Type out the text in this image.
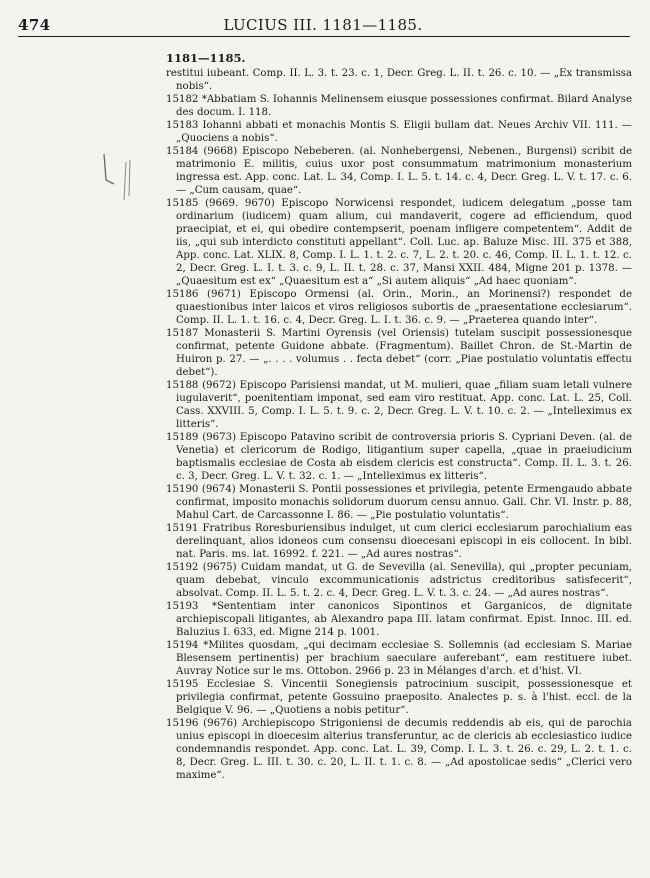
474	LUCIUS III. 1181—1185.
1181—1185.
restitui iubeant. Comp. II. L. 3. t. 23. c. 1, Decr. Greg. L. II. t. 26. c. 10. — „Ex transmissa nobis“.
15182 *Abbatiam S. Iohannis Melinensem eiusque possessiones confirmat. Bilard Analyse des docum. I. 118.
15183 Iohanni abbati et monachis Montis S. Eligii bullam dat. Neues Archiv VII. 111. — „Quociens a nobis“.
15184 (9668) Episcopo Nebeberen. (al. Nonhebergensi, Nebenen., Burgensi) scribit de matrimonio E. militis, cuius uxor post consummatum matrimonium monasterium ingressa est. App. conc. Lat. L. 34, Comp. I. L. 5. t. 14. c. 4, Decr. Greg. L. V. t. 17. c. 6. — „Cum causam, quae“.
15185 (9669. 9670) Episcopo Norwicensi respondet, iudicem delegatum „posse tam ordinarium (iudicem) quam alium, cui mandaverit, cogere ad efficiendum, quod praecipiat, et ei, qui obedire contempserit, poenam infligere competentem“. Addit de iis, „qui sub interdicto constituti appellant“. Coll. Luc. ap. Baluze Misc. III. 375 et 388, App. conc. Lat. XLIX. 8, Comp. I. L. 1. t. 2. c. 7, L. 2. t. 20. c. 46, Comp. II. L. 1. t. 12. c. 2, Decr. Greg. L. I. t. 3. c. 9, L. II. t. 28. c. 37, Mansi XXII. 484, Migne 201 p. 1378. — „Quaesitum est ex“ „Quaesitum est a“ „Si autem aliquis“ „Ad haec quoniam“.
15186 (9671) Episcopo Ormensi (al. Orin., Morin., an Morinensi?) respondet de quaestionibus inter laicos et viros religiosos subortis de „praesentatione ecclesiarum“. Comp. II. L. 1. t. 16. c. 4, Decr. Greg. L. I. t. 36. c. 9. — „Praeterea quando inter“.
15187 Monasterii S. Martini Oyrensis (vel Oriensis) tutelam suscipit possessionesque confirmat, petente Guidone abbate. (Fragmentum). Baillet Chron. de St.-Martin de Huiron p. 27. — „. . . . volumus . . fecta debet“ (corr. „Piae postulatio voluntatis effectu debet“).
15188 (9672) Episcopo Parisiensi mandat, ut M. mulieri, quae „filiam suam letali vulnere iugulaverit“, poenitentiam imponat, sed eam viro restituat. App. conc. Lat. L. 25, Coll. Cass. XXVIII. 5, Comp. I. L. 5. t. 9. c. 2, Decr. Greg. L. V. t. 10. c. 2. — „Intelleximus ex litteris“.
15189 (9673) Episcopo Patavino scribit de controversia prioris S. Cypriani Deven. (al. de Venetia) et clericorum de Rodigo, litigantium super capella, „quae in praeiudicium baptismalis ecclesiae de Costa ab eisdem clericis est constructa“. Comp. II. L. 3. t. 26. c. 3, Decr. Greg. L. V. t. 32. c. 1. — „Intelleximus ex litteris“.
15190 (9674) Monasterii S. Pontii possessiones et privilegia, petente Ermengaudo abbate confirmat, imposito monachis solidorum duorum censu annuo. Gall. Chr. VI. Instr. p. 88, Mahul Cart. de Carcassonne I. 86. — „Pie postulatio voluntatis“.
15191 Fratribus Roresburiensibus indulget, ut cum clerici ecclesiarum parochialium eas derelinquant, alios idoneos cum consensu dioecesani episcopi in eis collocent. In bibl. nat. Paris. ms. lat. 16992. f. 221. — „Ad aures nostras“.
15192 (9675) Cuidam mandat, ut G. de Sevevilla (al. Senevilla), qui „propter pecuniam, quam debebat, vinculo excommunicationis adstrictus creditoribus satisfecerit“, absolvat. Comp. II. L. 5. t. 2. c. 4, Decr. Greg. L. V. t. 3. c. 24. — „Ad aures nostras“.
15193 *Sententiam inter canonicos Sipontinos et Garganicos, de dignitate archiepiscopali litigantes, ab Alexandro papa III. latam confirmat. Epist. Innoc. III. ed. Baluzius I. 633, ed. Migne 214 p. 1001.
15194 *Milites quosdam, „qui decimam ecclesiae S. Sollemnis (ad ecclesiam S. Mariae Blesensem pertinentis) per brachium saeculare auferebant“, eam restituere iubet. Auvray Notice sur le ms. Ottobon. 2966 p. 23 in Mélanges d'arch. et d'hist. VI.
15195 Ecclesiae S. Vincentii Sonegiensis patrocinium suscipit, possessionesque et privilegia confirmat, petente Gossuino praeposito. Analectes p. s. à l'hist. eccl. de la Belgique V. 96. — „Quotiens a nobis petitur“.
15196 (9676) Archiepiscopo Strigoniensi de decumis reddendis ab eis, qui de parochia unius episcopi in dioecesim alterius transferuntur, ac de clericis ab ecclesiastico iudice condemnandis respondet. App. conc. Lat. L. 39, Comp. I. L. 3. t. 26. c. 29, L. 2. t. 1. c. 8, Decr. Greg. L. III. t. 30. c. 20, L. II. t. 1. c. 8. — „Ad apostolicae sedis“ „Clerici vero maxime“.
